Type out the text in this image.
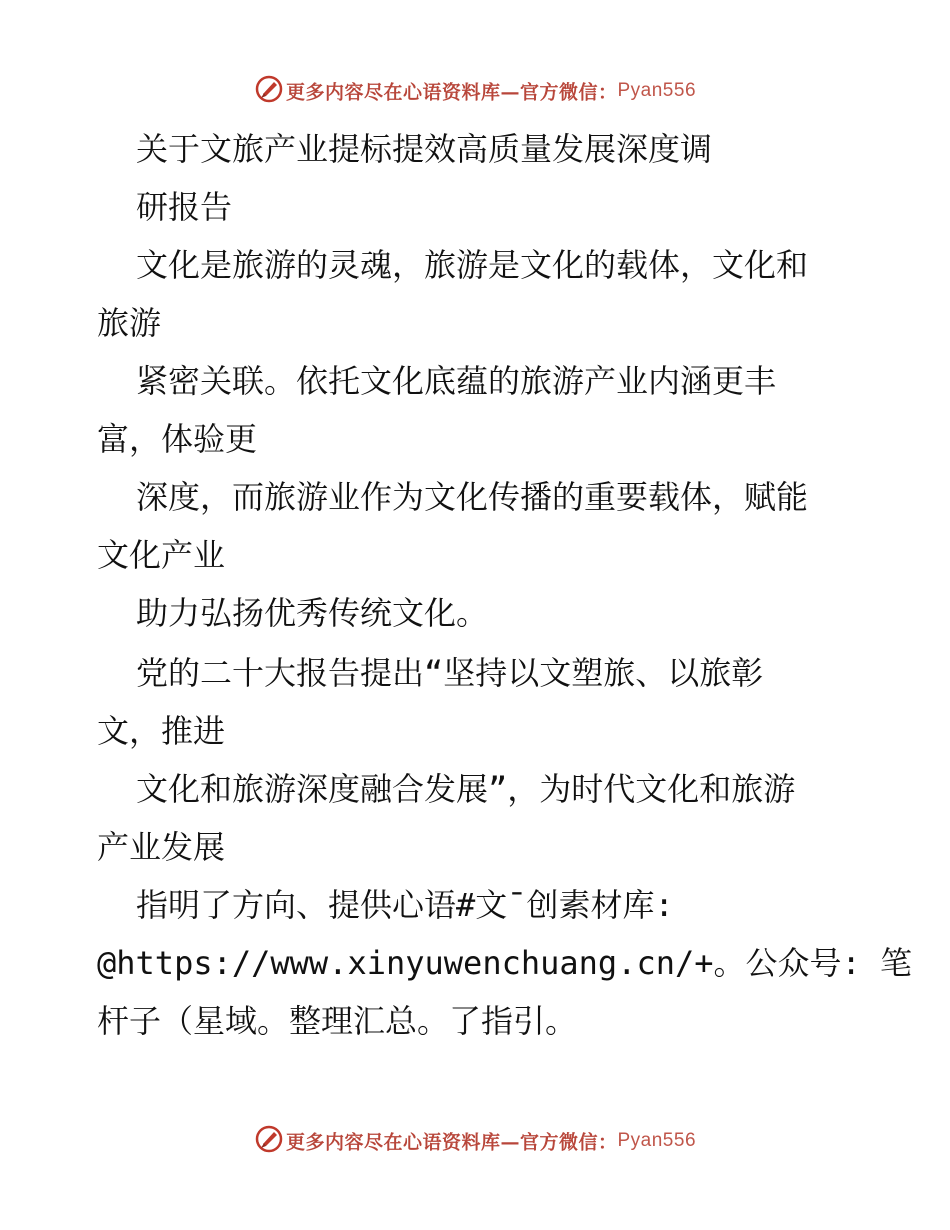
更多内容尽在心语资料库—官方微信：Pyan556
关于文旅产业提标提效高质量发展深度调
研报告
文化是旅游的灵魂，旅游是文化的载体，文化和
旅游
紧密关联。依托文化底蕴的旅游产业内涵更丰
富，体验更
深度，而旅游业作为文化传播的重要载体，赋能
文化产业
助力弘扬优秀传统文化。
党的二十大报告提出“坚持以文塑旅、以旅彰
文，推进
文化和旅游深度融合发展”，为时代文化和旅游
产业发展
指明了方向、提供心语#文¯创素材库:
@https://www.xinyuwenchuang.cn/+。公众号: 笔
杆子（星域。整理汇总。了指引。
更多内容尽在心语资料库—官方微信：Pyan556
